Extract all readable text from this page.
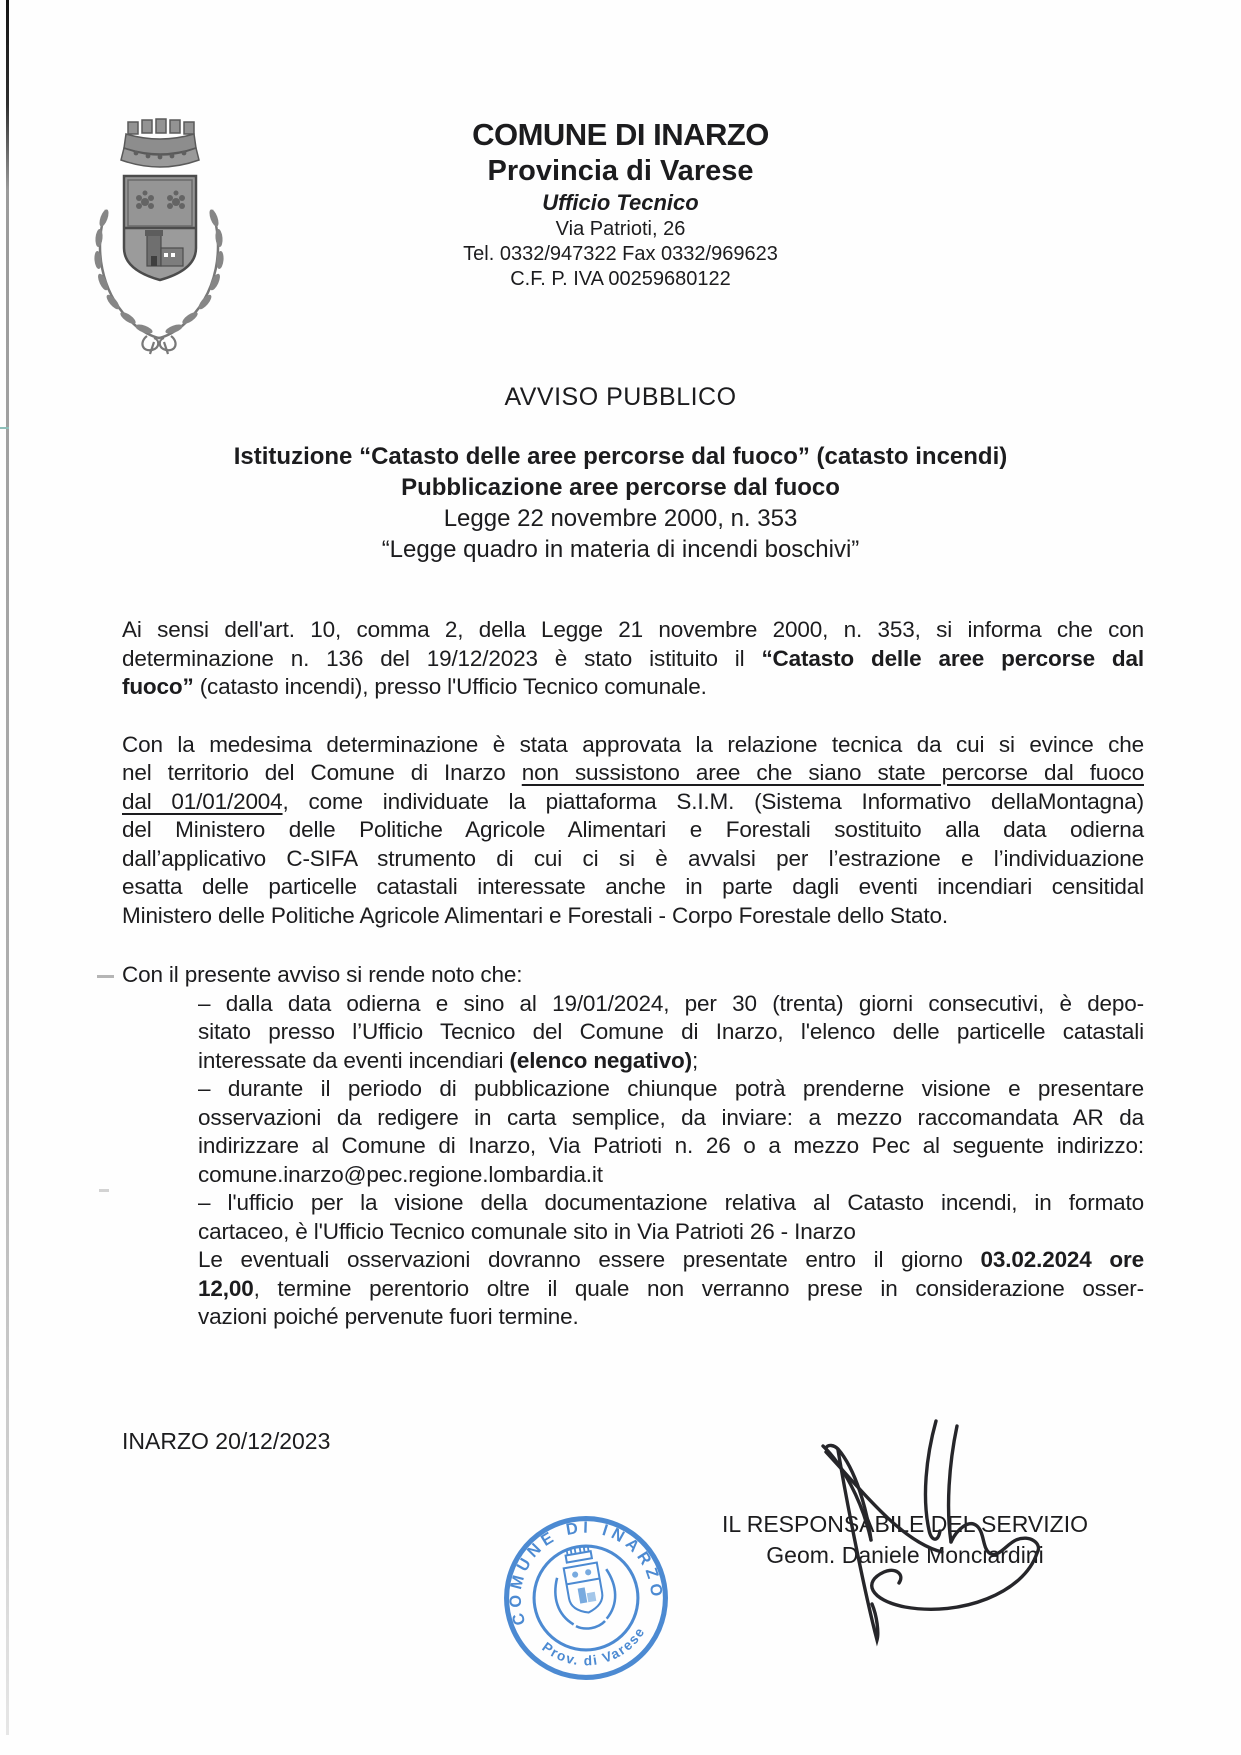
COMUNE DI INARZO
Provincia di Varese
Ufficio Tecnico
Via Patrioti, 26
Tel. 0332/947322 Fax 0332/969623
C.F. P. IVA 00259680122
AVVISO PUBBLICO
Istituzione “Catasto delle aree percorse dal fuoco” (catasto incendi)
Pubblicazione aree percorse dal fuoco
Legge 22 novembre 2000, n. 353
“Legge quadro in materia di incendi boschivi”
Ai sensi dell'art. 10, comma 2, della Legge 21 novembre 2000, n. 353, si informa che con
determinazione n. 136 del 19/12/2023 è stato istituito il “Catasto delle aree percorse dal
fuoco” (catasto incendi), presso l'Ufficio Tecnico comunale.
Con la medesima determinazione è stata approvata la relazione tecnica da cui si evince che
nel territorio del Comune di Inarzo non sussistono aree che siano state percorse dal fuoco
dal 01/01/2004, come individuate la piattaforma S.I.M. (Sistema Informativo dellaMontagna)
del Ministero delle Politiche Agricole Alimentari e Forestali sostituito alla data odierna
dall’applicativo C-SIFA strumento di cui ci si è avvalsi per l’estrazione e l’individuazione
esatta delle particelle catastali interessate anche in parte dagli eventi incendiari censitidal
Ministero delle Politiche Agricole Alimentari e Forestali - Corpo Forestale dello Stato.
Con il presente avviso si rende noto che:
– dalla data odierna e sino al 19/01/2024, per 30 (trenta) giorni consecutivi, è depo-
sitato presso l’Ufficio Tecnico del Comune di Inarzo, l'elenco delle particelle catastali
interessate da eventi incendiari (elenco negativo);
– durante il periodo di pubblicazione chiunque potrà prenderne visione e presentare
osservazioni da redigere in carta semplice, da inviare: a mezzo raccomandata AR da
indirizzare al Comune di Inarzo, Via Patrioti n. 26 o a mezzo Pec al seguente indirizzo:
comune.inarzo@pec.regione.lombardia.it
– l'ufficio per la visione della documentazione relativa al Catasto incendi, in formato
cartaceo, è l'Ufficio Tecnico comunale sito in Via Patrioti 26 - Inarzo
Le eventuali osservazioni dovranno essere presentate entro il giorno 03.02.2024 ore
12,00, termine perentorio oltre il quale non verranno prese in considerazione osser-
vazioni poiché pervenute fuori termine.
INARZO 20/12/2023
IL RESPONSABILE DEL SERVIZIO
Geom. Daniele Monciardini
COMUNE DI INARZO
Prov. di Varese
